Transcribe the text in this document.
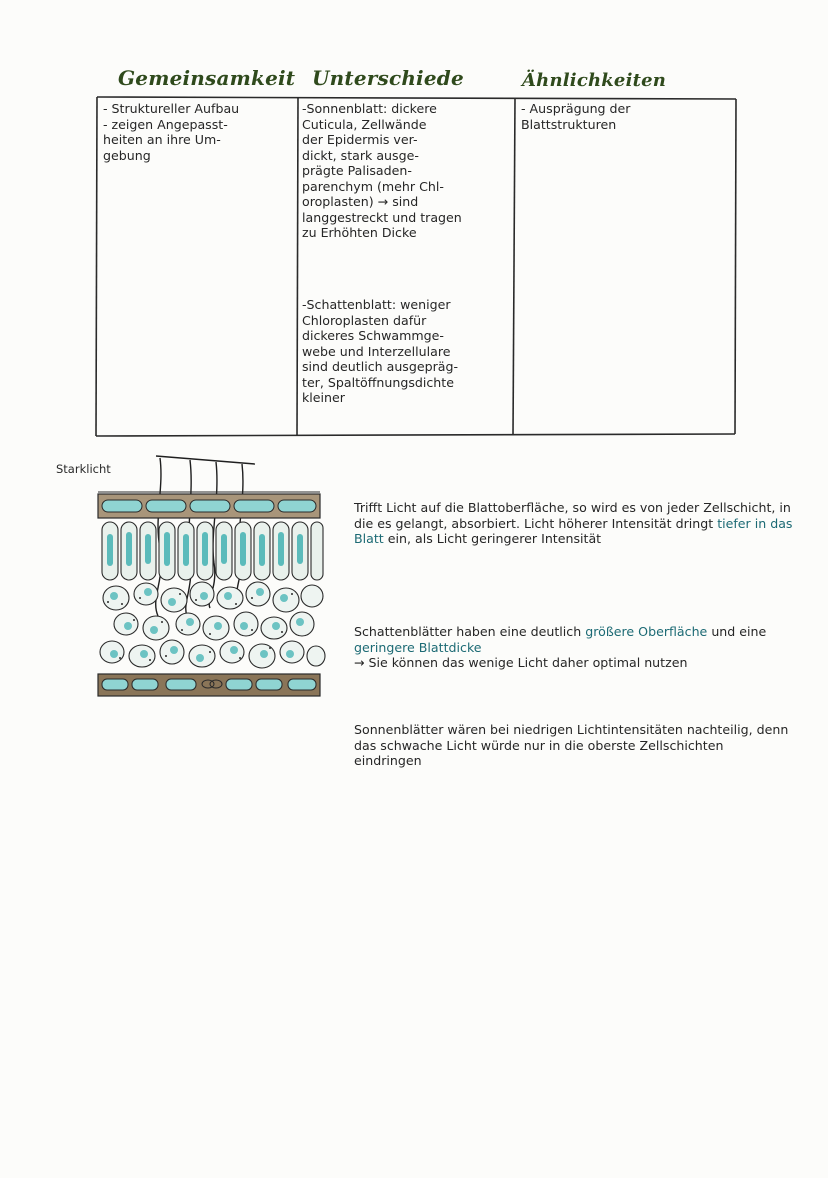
Gemeinsamkeit Unterschiede	Ähnlichkeiten
- Struktureller Aufbau
- zeigen Angepasst-
heiten an ihre Um-
gebung
-Sonnenblatt: dickere
Cuticula, Zellwände
der Epidermis ver-
dickt, stark ausge-
prägte Palisaden-
parenchym (mehr Chl-
oroplasten) → sind
langgestreckt und tragen
zu Erhöhten Dicke
-Schattenblatt: weniger
Chloroplasten dafür
dickeres Schwammge-
webe und Interzellulare
sind deutlich ausgepräg-
ter, Spaltöffnungsdichte
kleiner
- Ausprägung der
Blattstrukturen
Starklicht
Trifft Licht auf die Blattoberfläche, so wird es von jeder Zellschicht, in die es gelangt, absorbiert. Licht höherer Intensität dringt tiefer in das Blatt ein, als Licht geringerer Intensität
Schattenblätter haben eine deutlich größere Oberfläche und eine geringere Blattdicke
→ Sie können das wenige Licht daher optimal nutzen
Sonnenblätter wären bei niedrigen Lichtintensitäten nachteilig, denn das schwache Licht würde nur in die oberste Zellschichten eindringen
